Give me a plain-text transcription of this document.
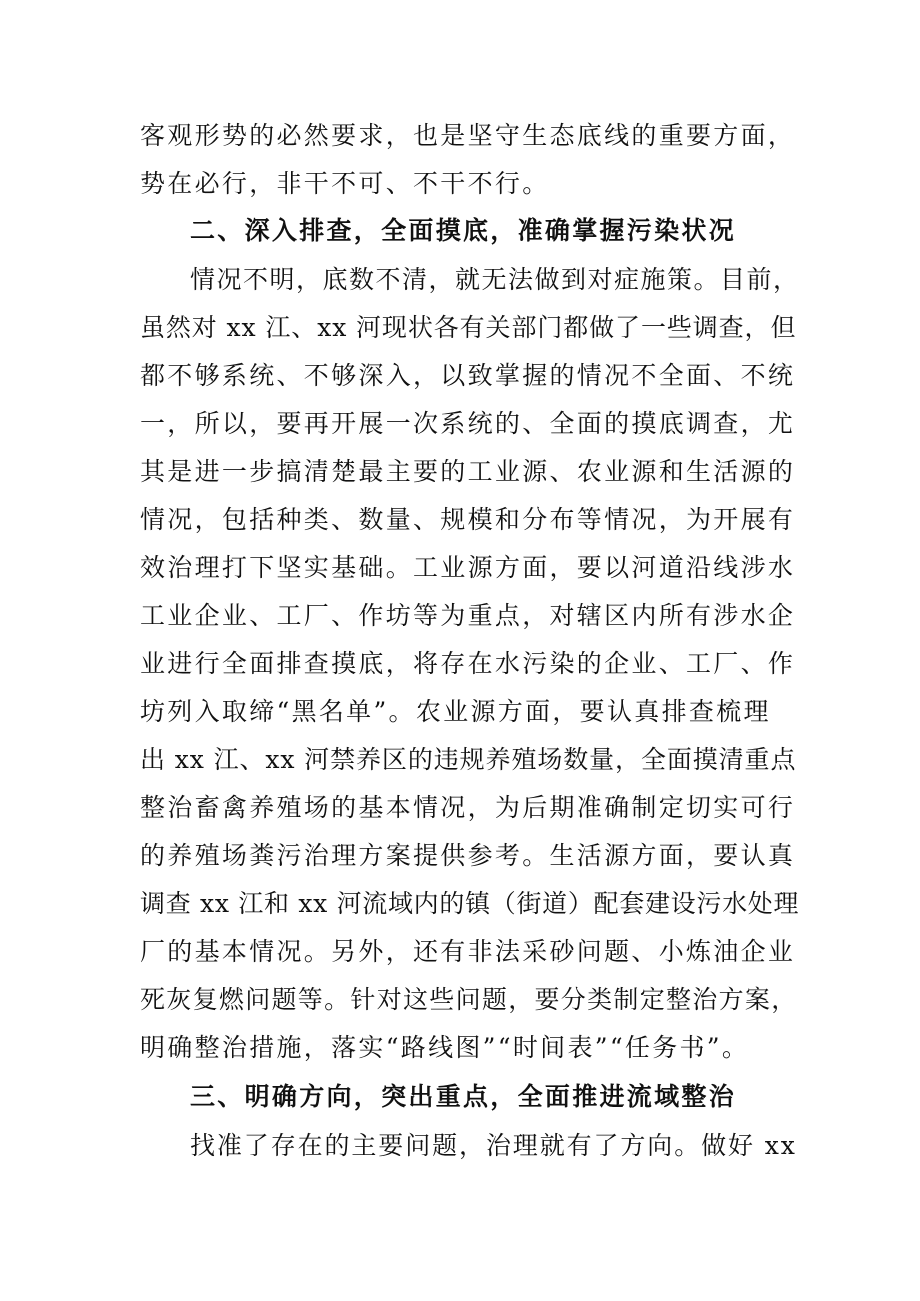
客观形势的必然要求，也是坚守生态底线的重要方面，
势在必行，非干不可、不干不行。
二、深入排查，全面摸底，准确掌握污染状况
情况不明，底数不清，就无法做到对症施策。目前，
虽然对 xx 江、xx 河现状各有关部门都做了一些调查，但
都不够系统、不够深入，以致掌握的情况不全面、不统
一，所以，要再开展一次系统的、全面的摸底调查，尤
其是进一步搞清楚最主要的工业源、农业源和生活源的
情况，包括种类、数量、规模和分布等情况，为开展有
效治理打下坚实基础。工业源方面，要以河道沿线涉水
工业企业、工厂、作坊等为重点，对辖区内所有涉水企
业进行全面排查摸底，将存在水污染的企业、工厂、作
坊列入取缔“黑名单”。农业源方面，要认真排查梳理
出 xx 江、xx 河禁养区的违规养殖场数量，全面摸清重点
整治畜禽养殖场的基本情况，为后期准确制定切实可行
的养殖场粪污治理方案提供参考。生活源方面，要认真
调查 xx 江和 xx 河流域内的镇（街道）配套建设污水处理
厂的基本情况。另外，还有非法采砂问题、小炼油企业
死灰复燃问题等。针对这些问题，要分类制定整治方案，
明确整治措施，落实“路线图”“时间表”“任务书”。
三、明确方向，突出重点，全面推进流域整治
找准了存在的主要问题，治理就有了方向。做好 xx
